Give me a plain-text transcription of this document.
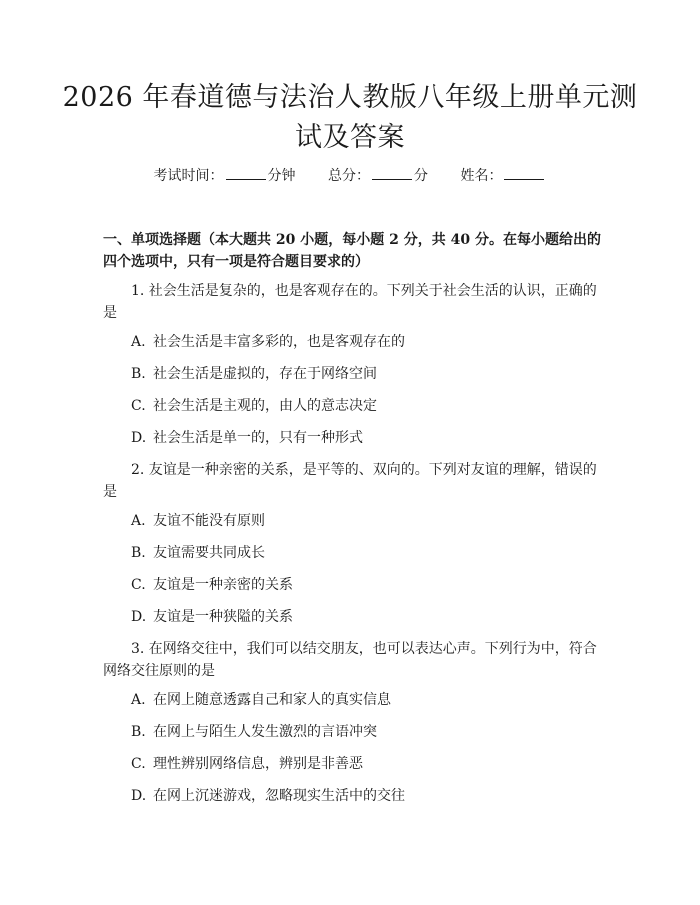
2026 年春道德与法治人教版八年级上册单元测试及答案
考试时间：	分钟 总分：	分 姓名：

一、单项选择题（本大题共 20 小题，每小题 2 分，共 40 分。在每小题给出的四个选项中，只有一项是符合题目要求的）

1. 社会生活是复杂的，也是客观存在的。下列关于社会生活的认识，正确的是

A. 社会生活是丰富多彩的，也是客观存在的

B. 社会生活是虚拟的，存在于网络空间

C. 社会生活是主观的，由人的意志决定

D. 社会生活是单一的，只有一种形式

2. 友谊是一种亲密的关系，是平等的、双向的。下列对友谊的理解，错误的是

A. 友谊不能没有原则

B. 友谊需要共同成长

C. 友谊是一种亲密的关系

D. 友谊是一种狭隘的关系

3. 在网络交往中，我们可以结交朋友，也可以表达心声。下列行为中，符合网络交往原则的是

A. 在网上随意透露自己和家人的真实信息

B. 在网上与陌生人发生激烈的言语冲突

C. 理性辨别网络信息，辨别是非善恶

D. 在网上沉迷游戏，忽略现实生活中的交往
